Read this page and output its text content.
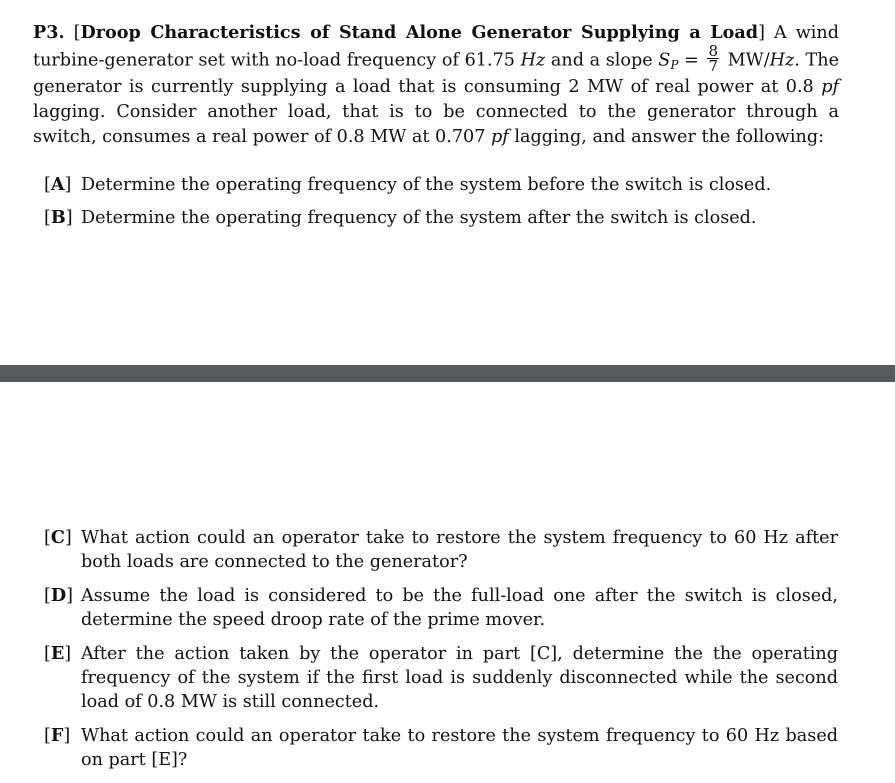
P3. [Droop Characteristics of Stand Alone Generator Supplying a Load] A wind turbine-generator set with no-load frequency of 61.75 Hz and a slope SP = $\frac{8}{7} MW/Hz$. The generator is currently supplying a load that is consuming 2 MW of real power at 0.8 pf lagging. Consider another load, that is to be connected to the generator through a switch, consumes a real power of 0.8 MW at 0.707 pf lagging, and answer the following:
[ A ] Determine the operating frequency of the system before the switch is closed.
[ B ] Determine the operating frequency of the system after the switch is closed.
[ C ] What action could an operator take to restore the system frequency to 60 Hz after both loads are connected to the generator?
[ D ] Assume the load is considered to be the full-load one after the switch is closed, determine the speed droop rate of the prime mover.
[ E ] After the action taken by the operator in part [C], determine the the operating frequency of the system if the first load is suddenly disconnected while the second load of 0.8 MW is still connected.
[ F ]	What action could an operator take to restore the system frequency to 60 Hz based on part [E]?
